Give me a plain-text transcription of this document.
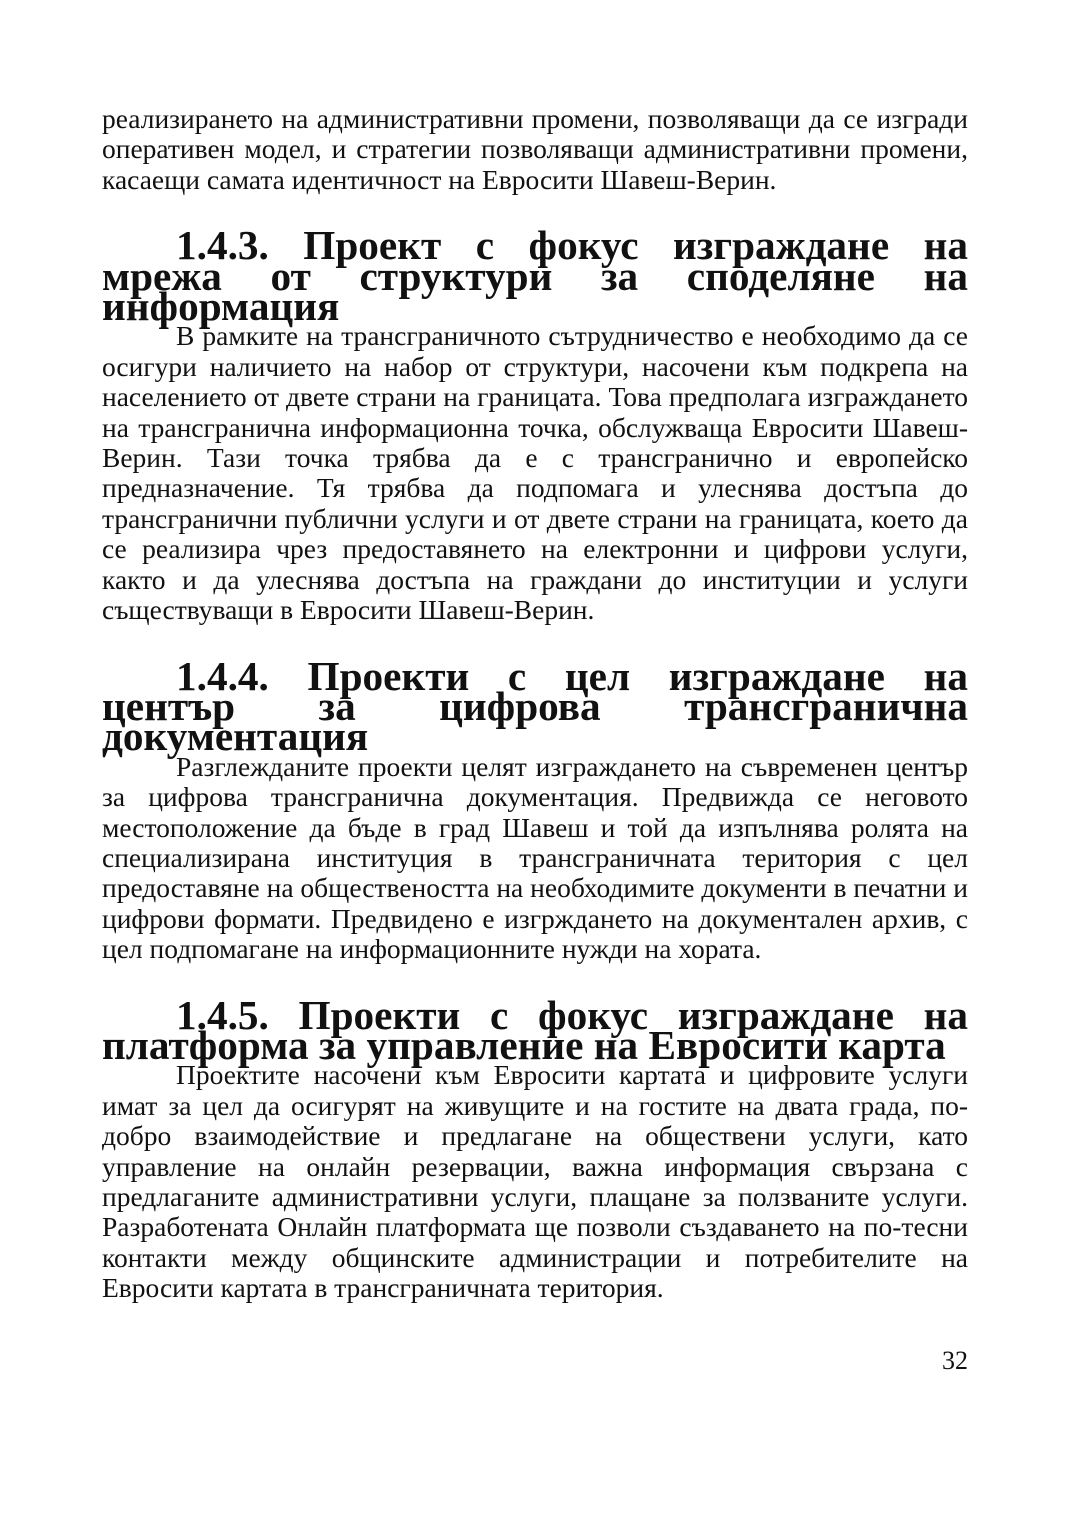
реализирането на административни промени, позволяващи да се изгради оперативен модел, и стратегии позволяващи административни промени, касаещи самата идентичност на Евросити Шавеш-Верин.

1.4.3. Проект с фокус изграждане на мрежа от структури за споделяне на информация

В рамките на трансграничното сътрудничество е необходимо да се осигури наличието на набор от структури, насочени към подкрепа на населението от двете страни на границата. Това предполага изграждането на трансгранична информационна точка, обслужваща Евросити Шавеш-Верин. Тази точка трябва да е с трансгранично и европейско предназначение. Тя трябва да подпомага и улеснява достъпа до трансгранични публични услуги и от двете страни на границата, което да се реализира чрез предоставянето на електронни и цифрови услуги, както и да улеснява достъпа на граждани до институции и услуги съществуващи в Евросити Шавеш-Верин.

1.4.4. Проекти с цел изграждане на център за цифрова трансгранична документация

Разглежданите проекти целят изграждането на съвременен център за цифрова трансгранична документация. Предвижда се неговото местоположение да бъде в град Шавеш и той да изпълнява ролята на специализирана институция в трансграничната територия с цел предоставяне на обществеността на необходимите документи в печатни и цифрови формати. Предвидено е изгрждането на документален архив, с цел подпомагане на информационните нужди на хората.

1.4.5. Проекти с фокус изграждане на платформа за управление на Евросити карта

Проектите насочени към Евросити картата и цифровите услуги имат за цел да осигурят на живущите и на гостите на двата града, по-добро взаимодействие и предлагане на обществени услуги, като управление на онлайн резервации, важна информация свързана с предлаганите административни услуги, плащане за ползваните услуги. Разработената Онлайн платформата ще позволи създаването на по-тесни контакти между общинските администрации и потребителите на Евросити картата в трансграничната територия.

32
